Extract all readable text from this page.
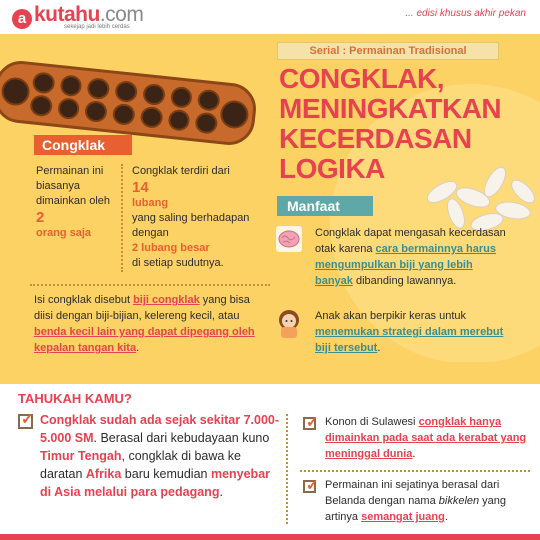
a kutahu .com
sekejap jadi lebih cerdas
... edisi khusus akhir pekan
Serial : Permainan Tradisional
CONGKLAK,
MENINGKATKAN
KECERDASAN
LOGIKA
Congklak
Permainan ini biasanya dimainkan oleh
2
orang saja
Congklak terdiri dari
14
lubang
yang saling berhadapan dengan
2 lubang besar
di setiap sudutnya.
Isi congklak disebut biji congklak yang bisa diisi dengan biji-bijian, kelereng kecil, atau benda kecil lain yang dapat dipegang oleh kepalan tangan kita.
Manfaat
Congklak dapat mengasah kecerdasan otak karena cara bermainnya harus mengumpulkan biji yang lebih banyak dibanding lawannya.
Anak akan berpikir keras untuk menemukan strategi dalam merebut biji tersebut.
TAHUKAH KAMU?
✓
Congklak sudah ada sejak sekitar 7.000-5.000 SM. Berasal dari kebudayaan kuno Timur Tengah, congklak di bawa ke daratan Afrika baru kemudian menyebar di Asia melalui para pedagang.
✓
Konon di Sulawesi congklak hanya dimainkan pada saat ada kerabat yang meninggal dunia.
✓
Permainan ini sejatinya berasal dari Belanda dengan nama bikkelen yang artinya semangat juang.
